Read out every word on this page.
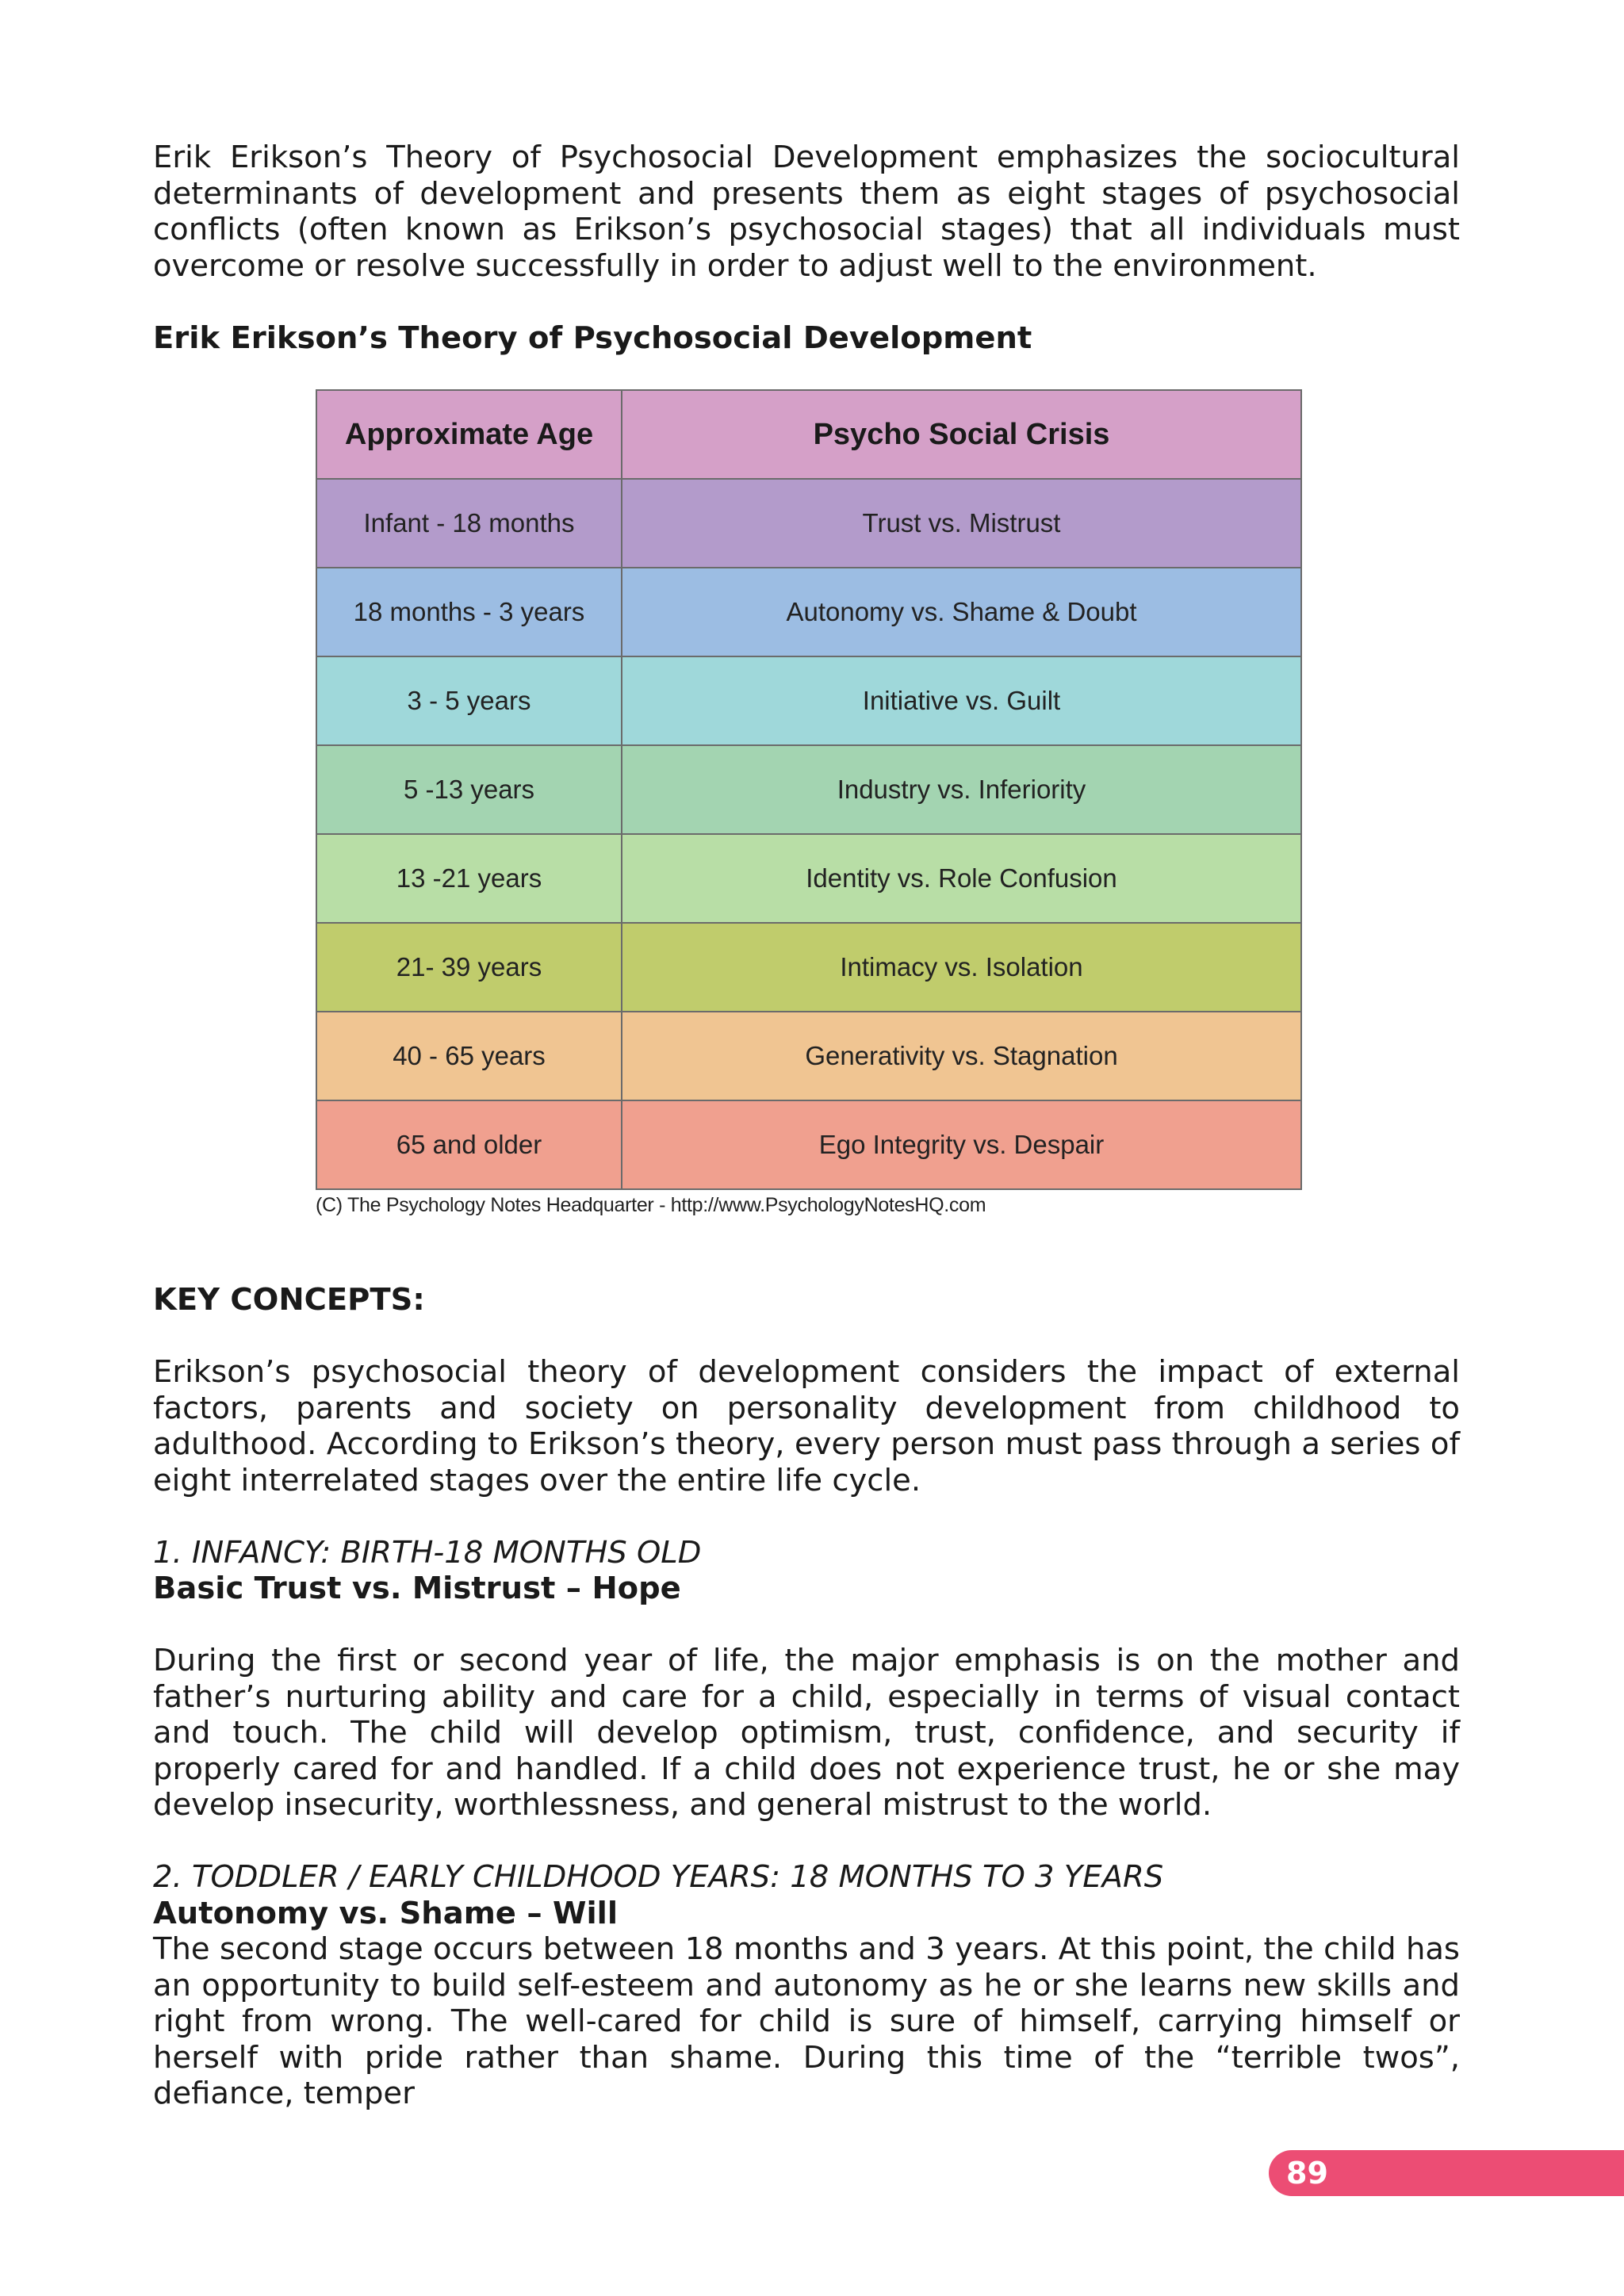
Erik Erikson’s Theory of Psychosocial Development emphasizes the sociocultural determinants of development and presents them as eight stages of psychosocial conflicts (often known as Erikson’s psychosocial stages) that all individuals must overcome or resolve successfully in order to adjust well to the environment.

Erik Erikson’s Theory of Psychosocial Development

Approximate Age	Psycho Social Crisis
Infant - 18 months	Trust vs. Mistrust
18 months - 3 years	Autonomy vs. Shame & Doubt
3 - 5 years	Initiative vs. Guilt
5 -13 years	Industry vs. Inferiority
13 -21 years	Identity vs. Role Confusion
21- 39 years	Intimacy vs. Isolation
40 - 65 years	Generativity vs. Stagnation
65 and older	Ego Integrity vs. Despair
(C) The Psychology Notes Headquarter - http://www.PsychologyNotesHQ.com

KEY CONCEPTS:

Erikson’s psychosocial theory of development considers the impact of external factors, parents and society on personality development from childhood to adulthood. According to Erikson’s theory, every person must pass through a series of eight interrelated stages over the entire life cycle.

1. INFANCY: BIRTH-18 MONTHS OLD

Basic Trust vs. Mistrust – Hope

During the first or second year of life, the major emphasis is on the mother and father’s nurturing ability and care for a child, especially in terms of visual contact and touch. The child will develop optimism, trust, confidence, and security if properly cared for and handled. If a child does not experience trust, he or she may develop insecurity, worthlessness, and general mistrust to the world.

2. TODDLER / EARLY CHILDHOOD YEARS: 18 MONTHS TO 3 YEARS

Autonomy vs. Shame – Will

The second stage occurs between 18 months and 3 years. At this point, the child has an opportunity to build self-esteem and autonomy as he or she learns new skills and right from wrong. The well-cared for child is sure of himself, carrying himself or herself with pride rather than shame. During this time of the “terrible twos”, defiance, temper

89
